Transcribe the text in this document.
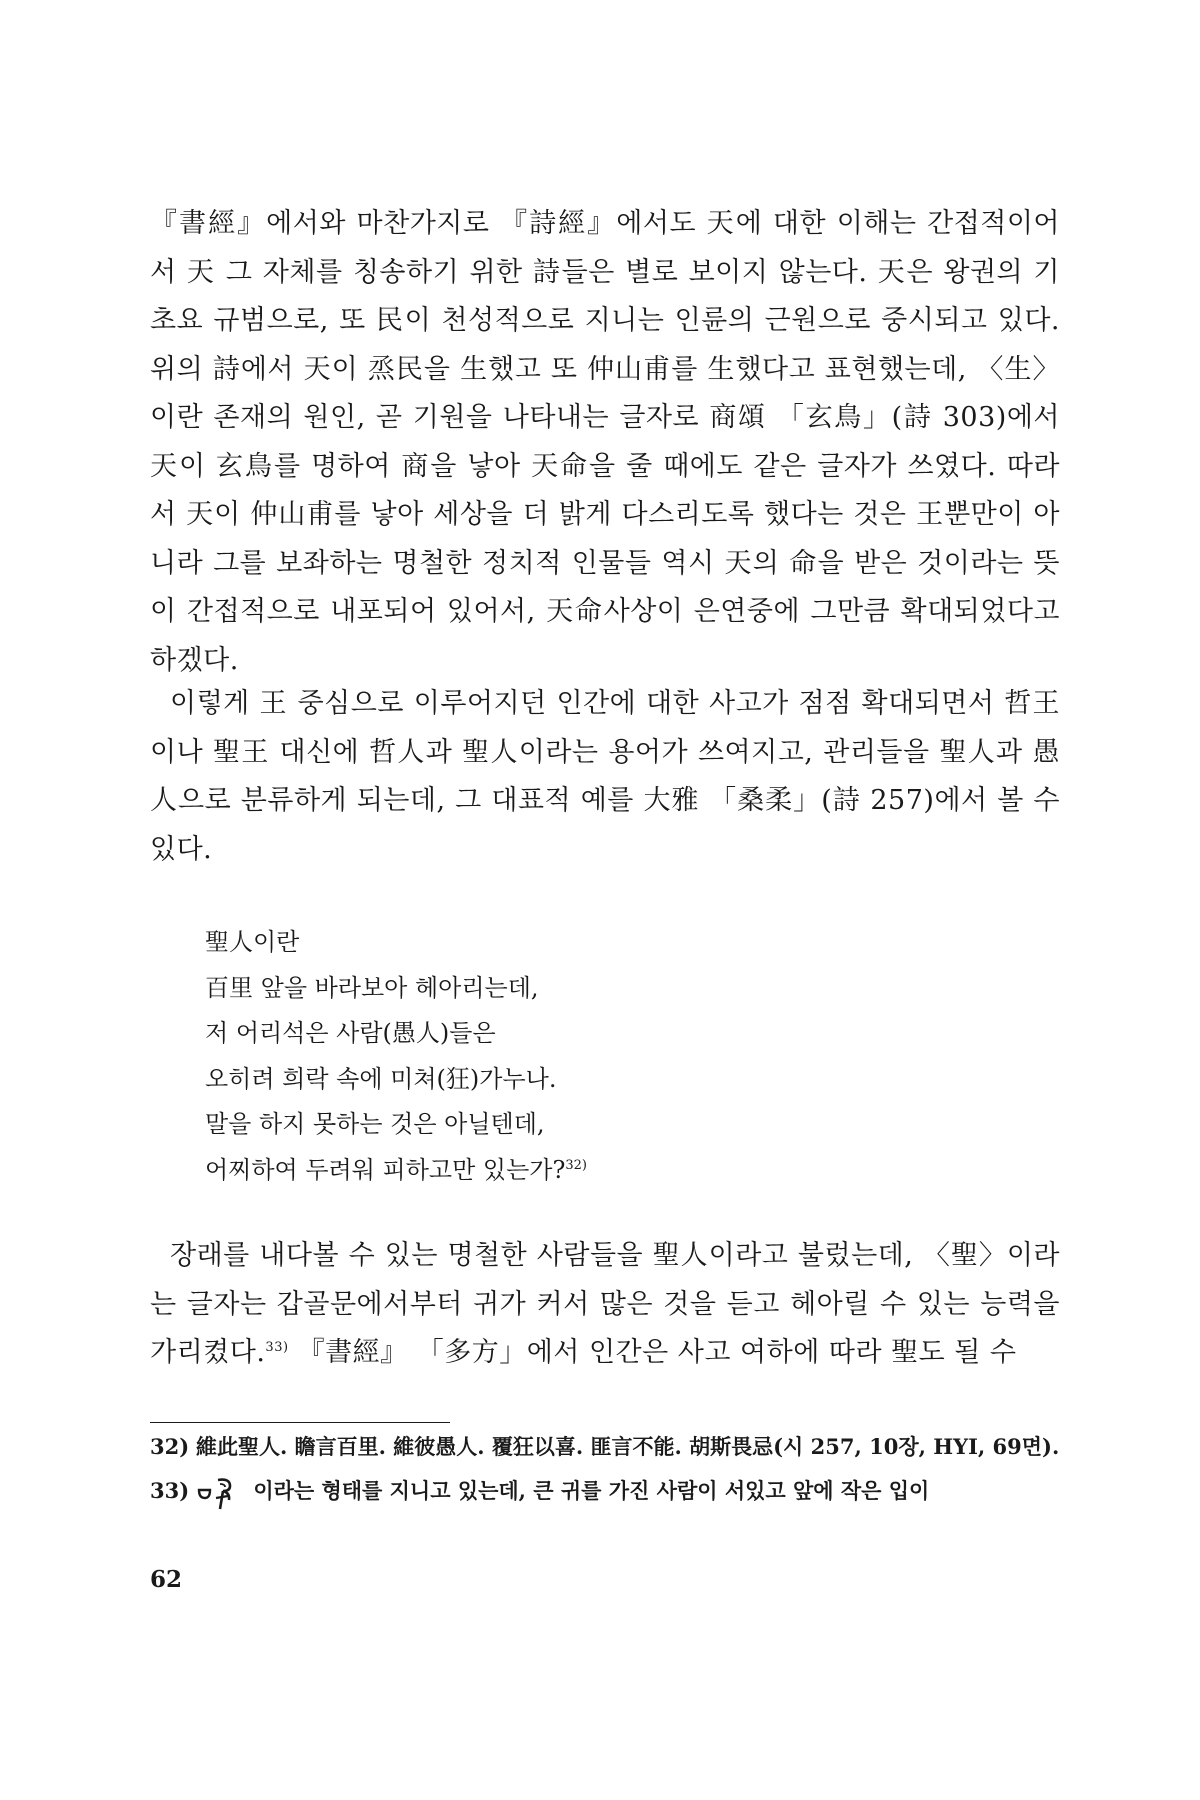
『書經』에서와 마찬가지로 『詩經』에서도 天에 대한 이해는 간접적이어서 天 그 자체를 칭송하기 위한 詩들은 별로 보이지 않는다. 天은 왕권의 기초요 규범으로, 또 民이 천성적으로 지니는 인륜의 근원으로 중시되고 있다. 위의 詩에서 天이 烝民을 生했고 또 仲山甫를 生했다고 표현했는데, 〈生〉이란 존재의 원인, 곧 기원을 나타내는 글자로 商頌 「玄鳥」(詩 303)에서 天이 玄鳥를 명하여 商을 낳아 天命을 줄 때에도 같은 글자가 쓰였다. 따라서 天이 仲山甫를 낳아 세상을 더 밝게 다스리도록 했다는 것은 王뿐만이 아니라 그를 보좌하는 명철한 정치적 인물들 역시 天의 命을 받은 것이라는 뜻이 간접적으로 내포되어 있어서, 天命사상이 은연중에 그만큼 확대되었다고 하겠다.

이렇게 王 중심으로 이루어지던 인간에 대한 사고가 점점 확대되면서 哲王이나 聖王 대신에 哲人과 聖人이라는 용어가 쓰여지고, 관리들을 聖人과 愚人으로 분류하게 되는데, 그 대표적 예를 大雅 「桑柔」(詩 257)에서 볼 수 있다.

聖人이란
百里 앞을 바라보아 헤아리는데,
저 어리석은 사람(愚人)들은
오히려 희락 속에 미쳐(狂)가누나.
말을 하지 못하는 것은 아닐텐데,
어찌하여 두려워 피하고만 있는가?$^{32)}$

장래를 내다볼 수 있는 명철한 사람들을 聖人이라고 불렀는데, 〈聖〉이라는 글자는 갑골문에서부터 귀가 커서 많은 것을 듣고 헤아릴 수 있는 능력을 가리켰다.$^{33)}$ 『書經』 「多方」에서 인간은 사고 여하에 따라 聖도 될 수

32) 維此聖人. 瞻言百里. 維彼愚人. 覆狂以喜. 匪言不能. 胡斯畏忌(시 257, 10장, HYI, 69면).
33)	이라는 형태를 지니고 있는데, 큰 귀를 가진 사람이 서있고 앞에 작은 입이
62
